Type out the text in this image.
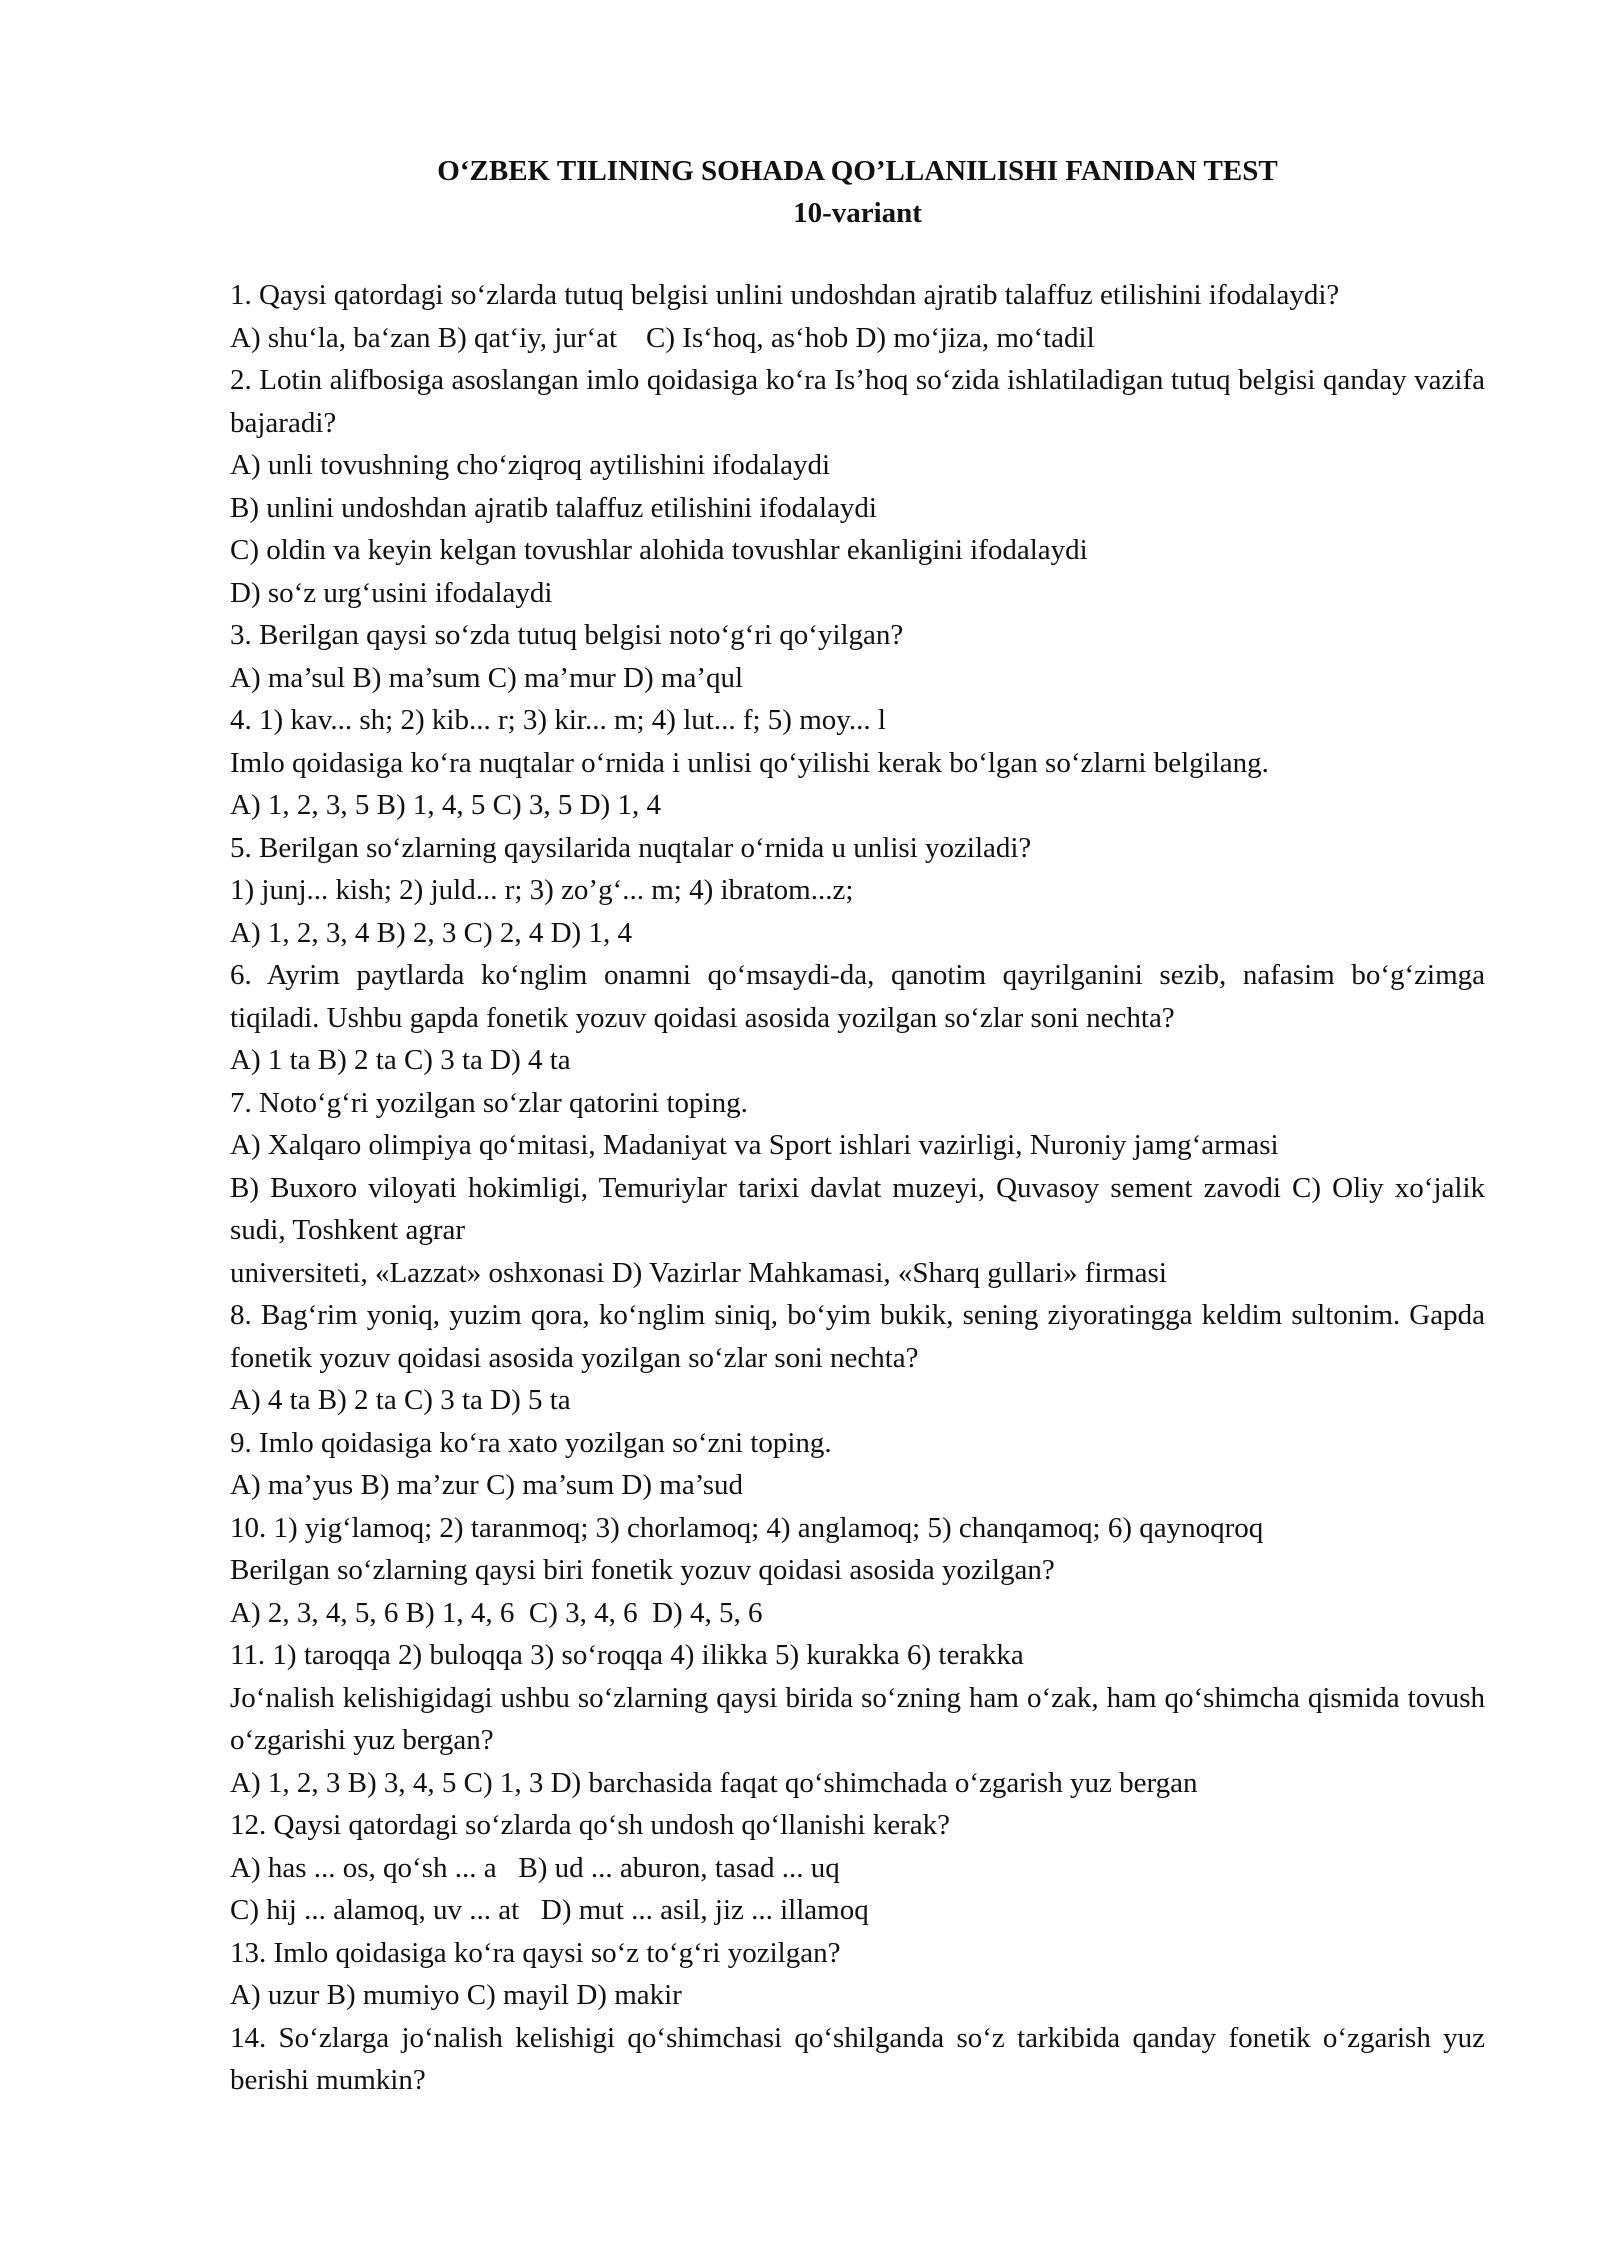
O‘ZBEK TILINING SOHADA QO’LLANILISHI FANIDAN TEST

10-variant

1. Qaysi qatordagi so‘zlarda tutuq belgisi unlini undoshdan ajratib talaffuz etilishini ifodalaydi?

A) shu‘la, ba‘zan B) qat‘iy, jur‘at    C) Is‘hoq, as‘hob D) mo‘jiza, mo‘tadil

2. Lotin alifbosiga asoslangan imlo qoidasiga ko‘ra Is’hoq so‘zida ishlatiladigan tutuq belgisi qanday vazifa bajaradi?

A) unli tovushning cho‘ziqroq aytilishini ifodalaydi

B) unlini undoshdan ajratib talaffuz etilishini ifodalaydi

C) oldin va keyin kelgan tovushlar alohida tovushlar ekanligini ifodalaydi

D) so‘z urg‘usini ifodalaydi

3. Berilgan qaysi so‘zda tutuq belgisi noto‘g‘ri qo‘yilgan?

A) ma’sul B) ma’sum C) ma’mur D) ma’qul

4. 1) kav... sh; 2) kib... r; 3) kir... m; 4) lut... f; 5) moy... l

Imlo qoidasiga ko‘ra nuqtalar o‘rnida i unlisi qo‘yilishi kerak bo‘lgan so‘zlarni belgilang.

A) 1, 2, 3, 5 B) 1, 4, 5 C) 3, 5 D) 1, 4

5. Berilgan so‘zlarning qaysilarida nuqtalar o‘rnida u unlisi yoziladi?

1) junj... kish; 2) juld... r; 3) zo’g‘... m; 4) ibratom...z;

A) 1, 2, 3, 4 B) 2, 3 C) 2, 4 D) 1, 4

6. Ayrim paytlarda ko‘nglim onamni qo‘msaydi-da, qanotim qayrilganini sezib, nafasim bo‘g‘zimga tiqiladi. Ushbu gapda fonetik yozuv qoidasi asosida yozilgan so‘zlar soni nechta?

A) 1 ta B) 2 ta C) 3 ta D) 4 ta

7. Noto‘g‘ri yozilgan so‘zlar qatorini toping.

A) Xalqaro olimpiya qo‘mitasi, Madaniyat va Sport ishlari vazirligi, Nuroniy jamg‘armasi

B) Buxoro viloyati hokimligi, Temuriylar tarixi davlat muzeyi, Quvasoy sement zavodi C) Oliy xo‘jalik sudi, Toshkent agrar

universiteti, «Lazzat» oshxonasi D) Vazirlar Mahkamasi, «Sharq gullari» firmasi

8. Bag‘rim yoniq, yuzim qora, ko‘nglim siniq, bo‘yim bukik, sening ziyoratingga keldim sultonim. Gapda fonetik yozuv qoidasi asosida yozilgan so‘zlar soni nechta?

A) 4 ta B) 2 ta C) 3 ta D) 5 ta

9. Imlo qoidasiga ko‘ra xato yozilgan so‘zni toping.

A) ma’yus B) ma’zur C) ma’sum D) ma’sud

10. 1) yig‘lamoq; 2) taranmoq; 3) chorlamoq; 4) anglamoq; 5) chanqamoq; 6) qaynoqroq

Berilgan so‘zlarning qaysi biri fonetik yozuv qoidasi asosida yozilgan?

A) 2, 3, 4, 5, 6 B) 1, 4, 6  C) 3, 4, 6  D) 4, 5, 6

11. 1) taroqqa 2) buloqqa 3) so‘roqqa 4) ilikka 5) kurakka 6) terakka

Jo‘nalish kelishigidagi ushbu so‘zlarning qaysi birida so‘zning ham o‘zak, ham qo‘shimcha qismida tovush o‘zgarishi yuz bergan?

A) 1, 2, 3 B) 3, 4, 5 C) 1, 3 D) barchasida faqat qo‘shimchada o‘zgarish yuz bergan

12. Qaysi qatordagi so‘zlarda qo‘sh undosh qo‘llanishi kerak?

A) has ... os, qo‘sh ... a   B) ud ... aburon, tasad ... uq

C) hij ... alamoq, uv ... at   D) mut ... asil, jiz ... illamoq

13. Imlo qoidasiga ko‘ra qaysi so‘z to‘g‘ri yozilgan?

A) uzur B) mumiyo C) mayil D) makir

14. So‘zlarga jo‘nalish kelishigi qo‘shimchasi qo‘shilganda so‘z tarkibida qanday fonetik o‘zgarish yuz berishi mumkin?
